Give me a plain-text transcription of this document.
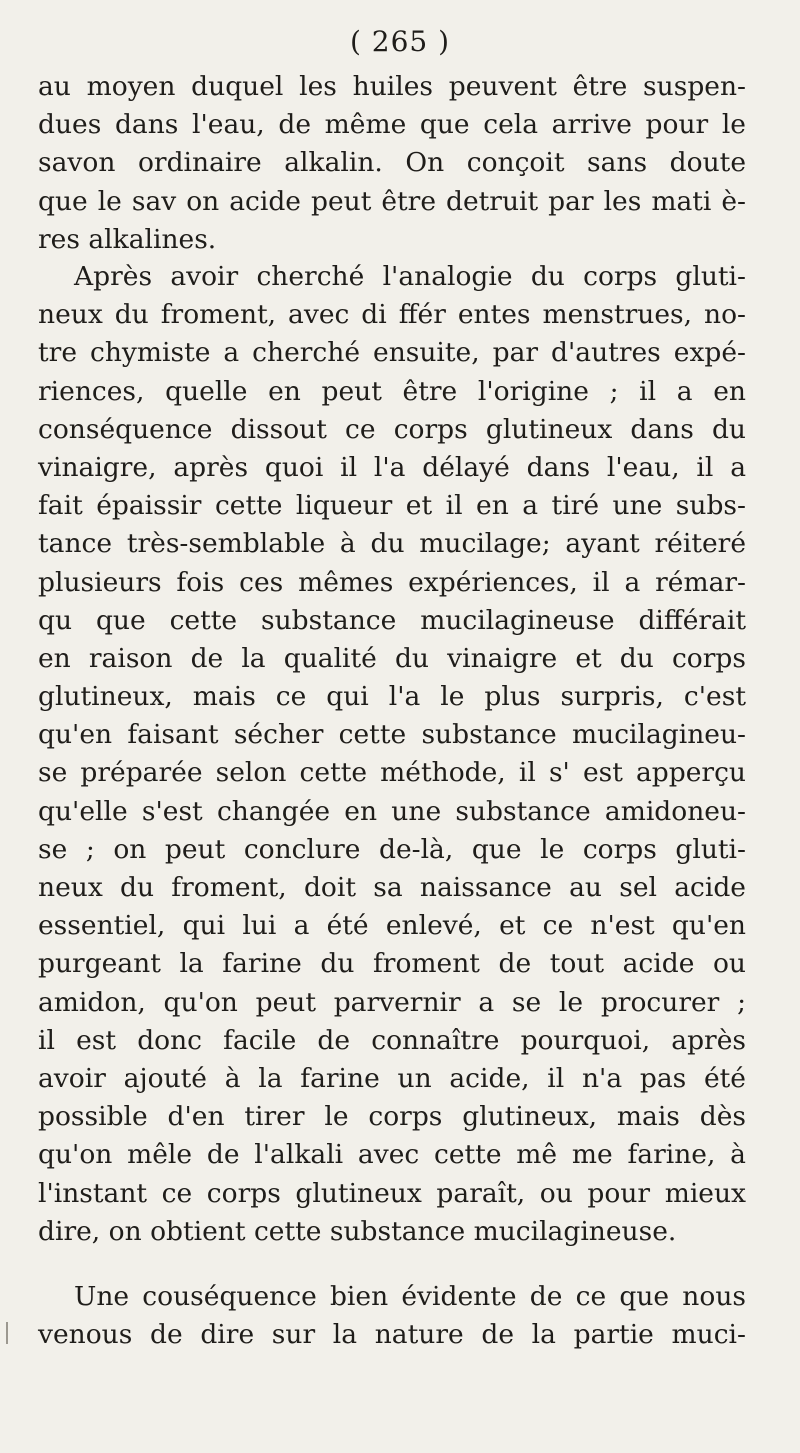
( 265 )
au moyen duquel les huiles peuvent être suspen-
dues dans l'eau, de même que cela arrive pour le
savon ordinaire alkalin. On conçoit sans doute
que le sav on acide peut être detruit par les mati è-
res alkalines.
Après avoir cherché l'analogie du corps gluti-
neux du froment, avec di ffér entes menstrues, no-
tre chymiste a cherché ensuite, par d'autres expé-
riences, quelle en peut être l'origine ; il a en
conséquence dissout ce corps glutineux dans du
vinaigre, après quoi il l'a délayé dans l'eau, il a
fait épaissir cette liqueur et il en a tiré une subs-
tance très-semblable à du mucilage; ayant réiteré
plusieurs fois ces mêmes expériences, il a rémar-
qu que cette substance mucilagineuse différait
en raison de la qualité du vinaigre et du corps
glutineux, mais ce qui l'a le plus surpris, c'est
qu'en faisant sécher cette substance mucilagineu-
se préparée selon cette méthode, il s' est apperçu
qu'elle s'est changée en une substance amidoneu-
se ; on peut conclure de-là, que le corps gluti-
neux du froment, doit sa naissance au sel acide
essentiel, qui lui a été enlevé, et ce n'est qu'en
purgeant la farine du froment de tout acide ou
amidon, qu'on peut parvernir a se le procurer ;
il est donc facile de connaître pourquoi, après
avoir ajouté à la farine un acide, il n'a pas été
possible d'en tirer le corps glutineux, mais dès
qu'on mêle de l'alkali avec cette mê me farine, à
l'instant ce corps glutineux paraît, ou pour mieux
dire, on obtient cette substance mucilagineuse.
Une couséquence bien évidente de ce que nous
venous de dire sur la nature de la partie muci-
